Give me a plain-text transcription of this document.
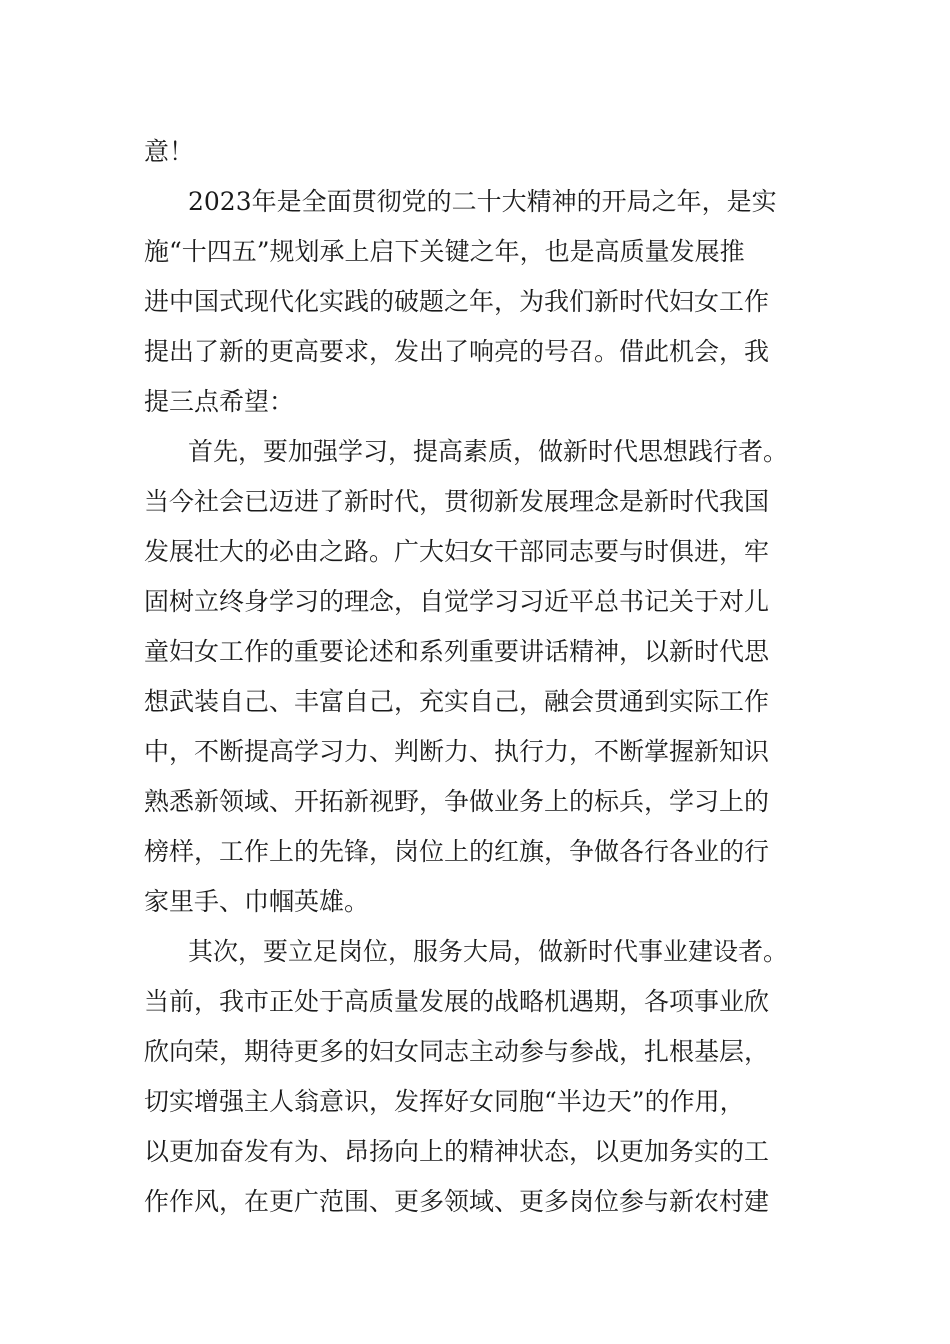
意！
2023年是全面贯彻党的二十大精神的开局之年，是实
施“十四五”规划承上启下关键之年，也是高质量发展推
进中国式现代化实践的破题之年，为我们新时代妇女工作
提出了新的更高要求，发出了响亮的号召。借此机会，我
提三点希望：
首先，要加强学习，提高素质，做新时代思想践行者。
当今社会已迈进了新时代，贯彻新发展理念是新时代我国
发展壮大的必由之路。广大妇女干部同志要与时俱进，牢
固树立终身学习的理念，自觉学习习近平总书记关于对儿
童妇女工作的重要论述和系列重要讲话精神，以新时代思
想武装自己、丰富自己，充实自己，融会贯通到实际工作
中，不断提高学习力、判断力、执行力，不断掌握新知识
熟悉新领域、开拓新视野，争做业务上的标兵，学习上的
榜样，工作上的先锋，岗位上的红旗，争做各行各业的行
家里手、巾帼英雄。
其次，要立足岗位，服务大局，做新时代事业建设者。
当前，我市正处于高质量发展的战略机遇期，各项事业欣
欣向荣，期待更多的妇女同志主动参与参战，扎根基层，
切实增强主人翁意识，发挥好女同胞“半边天”的作用，
以更加奋发有为、昂扬向上的精神状态，以更加务实的工
作作风，在更广范围、更多领域、更多岗位参与新农村建
